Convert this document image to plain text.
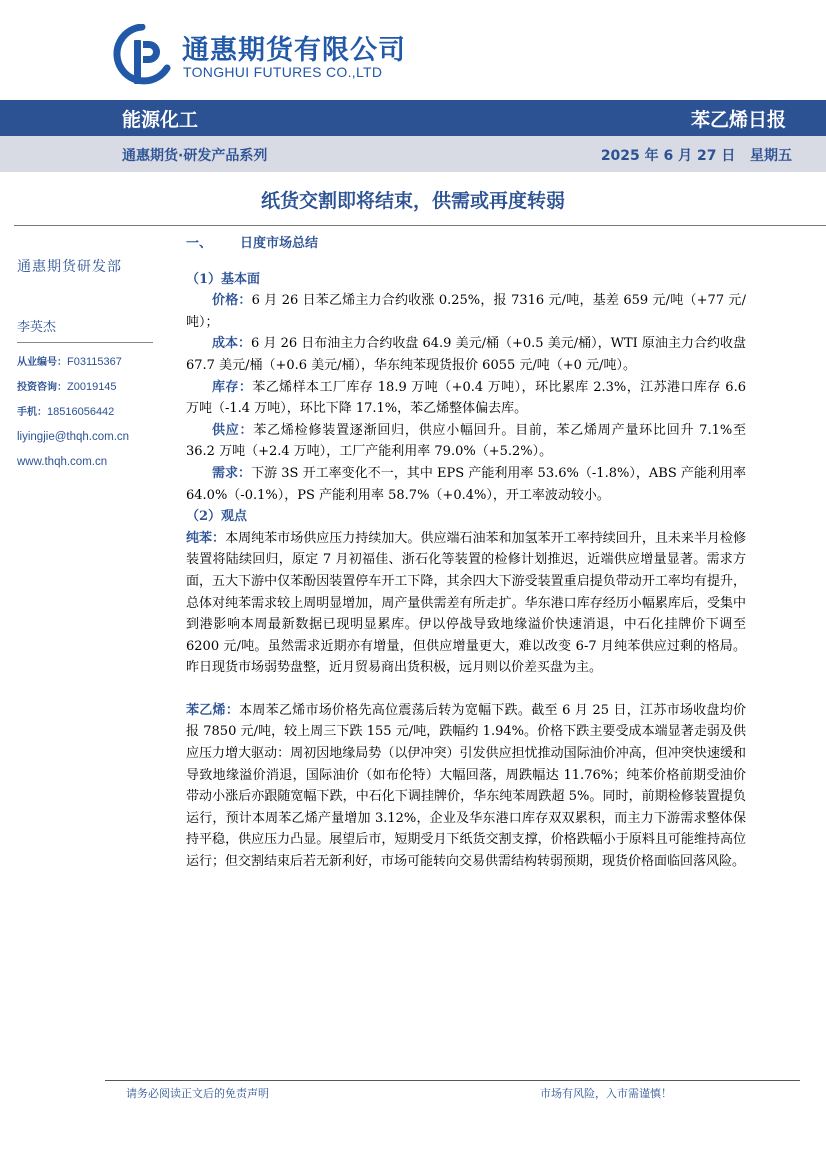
通惠期货有限公司
TONGHUI FUTURES CO.,LTD
能源化工	苯乙烯日报
通惠期货·研发产品系列	2025 年 6 月 27 日 星期五
纸货交割即将结束，供需或再度转弱
通惠期货研发部
李英杰
从业编号：F03115367
投资咨询：Z0019145
手机：18516056442
liyingjie@thqh.com.cn
www.thqh.com.cn
一、 日度市场总结
（1）基本面

价格：6 月 26 日苯乙烯主力合约收涨 0.25%，报 7316 元/吨，基差 659 元/吨（+77 元/吨）；

成本：6 月 26 日布油主力合约收盘 64.9 美元/桶（+0.5 美元/桶），WTI 原油主力合约收盘 67.7 美元/桶（+0.6 美元/桶），华东纯苯现货报价 6055 元/吨（+0 元/吨）。

库存：苯乙烯样本工厂库存 18.9 万吨（+0.4 万吨），环比累库 2.3%，江苏港口库存 6.6 万吨（-1.4 万吨），环比下降 17.1%，苯乙烯整体偏去库。

供应：苯乙烯检修装置逐渐回归，供应小幅回升。目前，苯乙烯周产量环比回升 7.1%至 36.2 万吨（+2.4 万吨），工厂产能利用率 79.0%（+5.2%）。

需求：下游 3S 开工率变化不一，其中 EPS 产能利用率 53.6%（-1.8%），ABS 产能利用率 64.0%（-0.1%），PS 产能利用率 58.7%（+0.4%），开工率波动较小。

（2）观点

纯苯：本周纯苯市场供应压力持续加大。供应端石油苯和加氢苯开工率持续回升，且未来半月检修装置将陆续回归，原定 7 月初福佳、浙石化等装置的检修计划推迟，近端供应增量显著。需求方面，五大下游中仅苯酚因装置停车开工下降，其余四大下游受装置重启提负带动开工率均有提升，总体对纯苯需求较上周明显增加，周产量供需差有所走扩。华东港口库存经历小幅累库后，受集中到港影响本周最新数据已现明显累库。伊以停战导致地缘溢价快速消退，中石化挂牌价下调至 6200 元/吨。虽然需求近期亦有增量，但供应增量更大，难以改变 6-7 月纯苯供应过剩的格局。昨日现货市场弱势盘整，近月贸易商出货积极，远月则以价差买盘为主。

苯乙烯：本周苯乙烯市场价格先高位震荡后转为宽幅下跌。截至 6 月 25 日，江苏市场收盘均价报 7850 元/吨，较上周三下跌 155 元/吨，跌幅约 1.94%。价格下跌主要受成本端显著走弱及供应压力增大驱动：周初因地缘局势（以伊冲突）引发供应担忧推动国际油价冲高，但冲突快速缓和导致地缘溢价消退，国际油价（如布伦特）大幅回落，周跌幅达 11.76%；纯苯价格前期受油价带动小涨后亦跟随宽幅下跌，中石化下调挂牌价，华东纯苯周跌超 5%。同时，前期检修装置提负运行，预计本周苯乙烯产量增加 3.12%，企业及华东港口库存双双累积，而主力下游需求整体保持平稳，供应压力凸显。展望后市，短期受月下纸货交割支撑，价格跌幅小于原料且可能维持高位运行；但交割结束后若无新利好，市场可能转向交易供需结构转弱预期，现货价格面临回落风险。

请务必阅读正文后的免责声明	市场有风险，入市需谨慎！
